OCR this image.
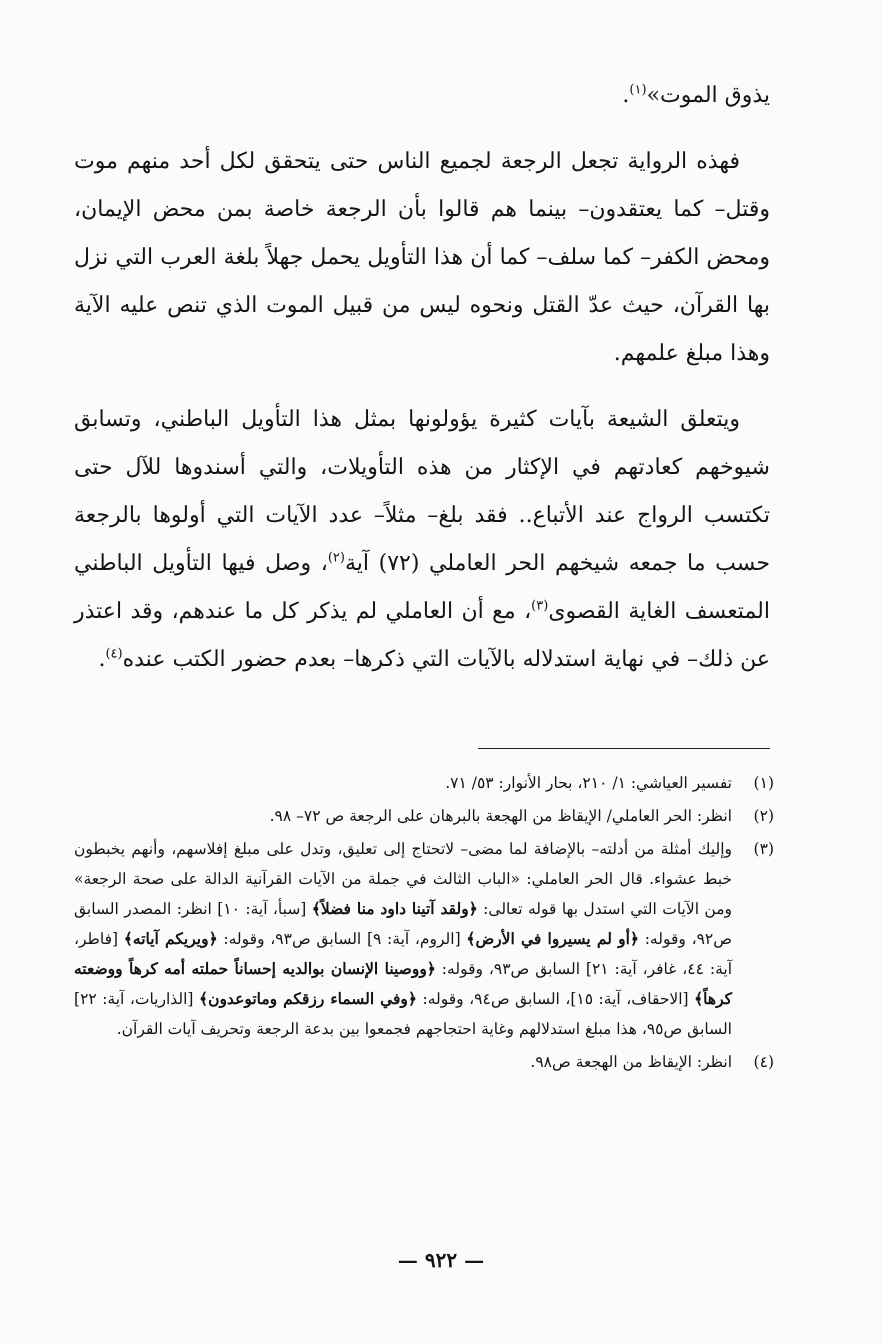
يذوق الموت»$^{(١)}$.

فهذه الرواية تجعل الرجعة لجميع الناس حتى يتحقق لكل أحد منهم موت وقتل– كما يعتقدون– بينما هم قالوا بأن الرجعة خاصة بمن محض الإيمان، ومحض الكفر– كما سلف– كما أن هذا التأويل يحمل جهلاً بلغة العرب التي نزل بها القرآن، حيث عدّ القتل ونحوه ليس من قبيل الموت الذي تنص عليه الآية وهذا مبلغ علمهم.

ويتعلق الشيعة بآيات كثيرة يؤولونها بمثل هذا التأويل الباطني، وتسابق شيوخهم كعادتهم في الإكثار من هذه التأويلات، والتي أسندوها للآل حتى تكتسب الرواج عند الأتباع.. فقد بلغ– مثلاً– عدد الآيات التي أولوها بالرجعة حسب ما جمعه شيخهم الحر العاملي (٧٢) آية$^{(٢)}$، وصل فيها التأويل الباطني المتعسف الغاية القصوى$^{(٣)}$، مع أن العاملي لم يذكر كل ما عندهم، وقد اعتذر عن ذلك– في نهاية استدلاله بالآيات التي ذكرها– بعدم حضور الكتب عنده$^{(٤)}$.

(١)
تفسير العياشي: ١/ ٢١٠، بحار الأنوار: ٥٣/ ٧١.
(٢)
انظر: الحر العاملي/ الإيقاظ من الهجعة بالبرهان على الرجعة ص ٧٢– ٩٨.
(٣)
وإليك أمثلة من أدلته– بالإضافة لما مضى– لاتحتاج إلى تعليق، وتدل على مبلغ إفلاسهم، وأنهم يخبطون خبط عشواء. قال الحر العاملي: «الباب الثالث في جملة من الآيات القرآنية الدالة على صحة الرجعة» ومن الآيات التي استدل بها قوله تعالى: ﴿ولقد آتينا داود منا فضلاً﴾ [سبأ، آية: ١٠] انظر: المصدر السابق ص٩٢، وقوله: ﴿أو لم يسيروا في الأرض﴾ [الروم، آية: ٩] السابق ص٩٣، وقوله: ﴿ويريكم آياته﴾ [فاطر، آية: ٤٤، غافر، آية: ٢١] السابق ص٩٣، وقوله: ﴿ووصينا الإنسان بوالديه إحساناً حملته أمه كرهاً ووضعته كرهاً﴾ [الاحقاف، آية: ١٥]، السابق ص٩٤، وقوله: ﴿وفي السماء رزقكم وماتوعدون﴾ [الذاريات، آية: ٢٢] السابق ص٩٥، هذا مبلغ استدلالهم وغاية احتجاجهم فجمعوا بين بدعة الرجعة وتحريف آيات القرآن.
(٤)
انظر: الإيقاظ من الهجعة ص٩٨.
— ٩٢٢ —
